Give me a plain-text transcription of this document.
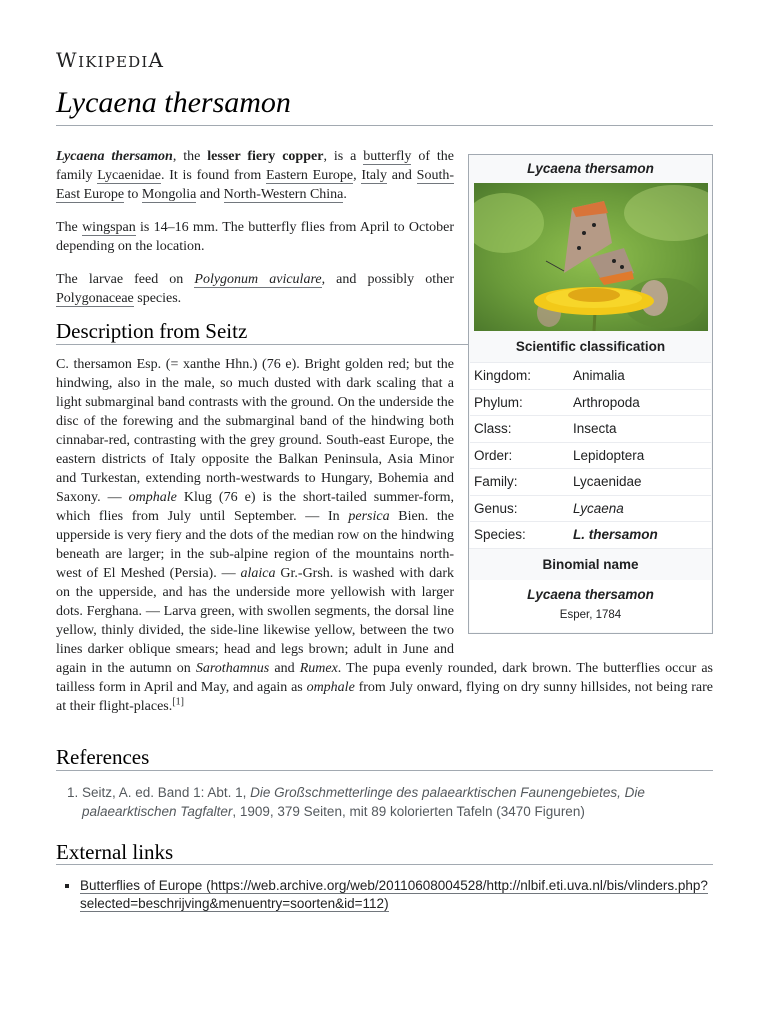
WIKIPEDIA
Lycaena thersamon
Lycaena thersamon
Scientific classification
Kingdom:	Animalia
Phylum:	Arthropoda
Class:	Insecta
Order:	Lepidoptera
Family:	Lycaenidae
Genus:	Lycaena
Species:	L. thersamon
Binomial name
Lycaena thersamon
Esper, 1784

Lycaena thersamon, the lesser fiery copper, is a butterfly of the family Lycaenidae. It is found from Eastern Europe, Italy and South-East Europe to Mongolia and North-Western China.

The wingspan is 14–16 mm. The butterfly flies from April to October depending on the location.

The larvae feed on Polygonum aviculare, and possibly other Polygonaceae species.

Description from Seitz

C. thersamon Esp. (= xanthe Hhn.) (76 e). Bright golden red; but the hindwing, also in the male, so much dusted with dark scaling that a light submarginal band contrasts with the ground. On the underside the disc of the forewing and the submarginal band of the hindwing both cinnabar-red, contrasting with the grey ground. South-east Europe, the eastern districts of Italy opposite the Balkan Peninsula, Asia Minor and Turkestan, extending north-westwards to Hungary, Bohemia and Saxony. — omphale Klug (76 e) is the short-tailed summer-form, which flies from July until September. — In persica Bien. the upperside is very fiery and the dots of the median row on the hindwing beneath are larger; in the sub-alpine region of the mountains north-west of El Meshed (Persia). — alaica Gr.-Grsh. is washed with dark on the upperside, and has the underside more yellowish with larger dots. Ferghana. — Larva green, with swollen segments, the dorsal line yellow, thinly divided, the side-line likewise yellow, between the two lines darker oblique smears; head and legs brown; adult in June and again in the autumn on Sarothamnus and Rumex. The pupa evenly rounded, dark brown. The butterflies occur as tailless form in April and May, and again as omphale from July onward, flying on dry sunny hillsides, not being rare at their flight-places.[1]

References
1. Seitz, A. ed. Band 1: Abt. 1, Die Großschmetterlinge des palaearktischen Faunengebietes, Die palaearktischen Tagfalter, 1909, 379 Seiten, mit 89 kolorierten Tafeln (3470 Figuren)
External links
▪ Butterflies of Europe (https://web.archive.org/web/20110608004528/http://nlbif.eti.uva.nl/bis/vlinders.php?selected=beschrijving&menuentry=soorten&id=112)
